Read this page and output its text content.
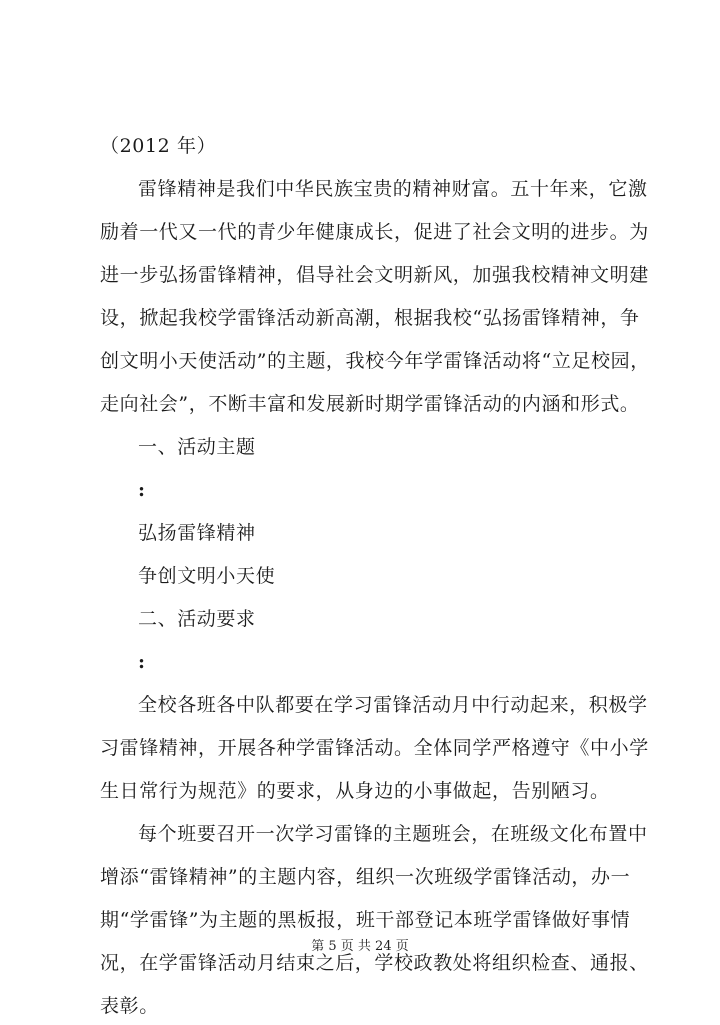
（2012 年）
雷锋精神是我们中华民族宝贵的精神财富。五十年来，它激
励着一代又一代的青少年健康成长，促进了社会文明的进步。为
进一步弘扬雷锋精神，倡导社会文明新风，加强我校精神文明建
设，掀起我校学雷锋活动新高潮，根据我校“弘扬雷锋精神，争
创文明小天使活动”的主题，我校今年学雷锋活动将“立足校园，
走向社会”，不断丰富和发展新时期学雷锋活动的内涵和形式。
一、活动主题
:
弘扬雷锋精神
争创文明小天使
二、活动要求
:
全校各班各中队都要在学习雷锋活动月中行动起来，积极学
习雷锋精神，开展各种学雷锋活动。全体同学严格遵守《中小学
生日常行为规范》的要求，从身边的小事做起，告别陋习。
每个班要召开一次学习雷锋的主题班会，在班级文化布置中
增添“雷锋精神”的主题内容，组织一次班级学雷锋活动，办一
期“学雷锋”为主题的黑板报，班干部登记本班学雷锋做好事情
况，在学雷锋活动月结束之后，学校政教处将组织检查、通报、
表彰。
第 5 页 共 24 页
